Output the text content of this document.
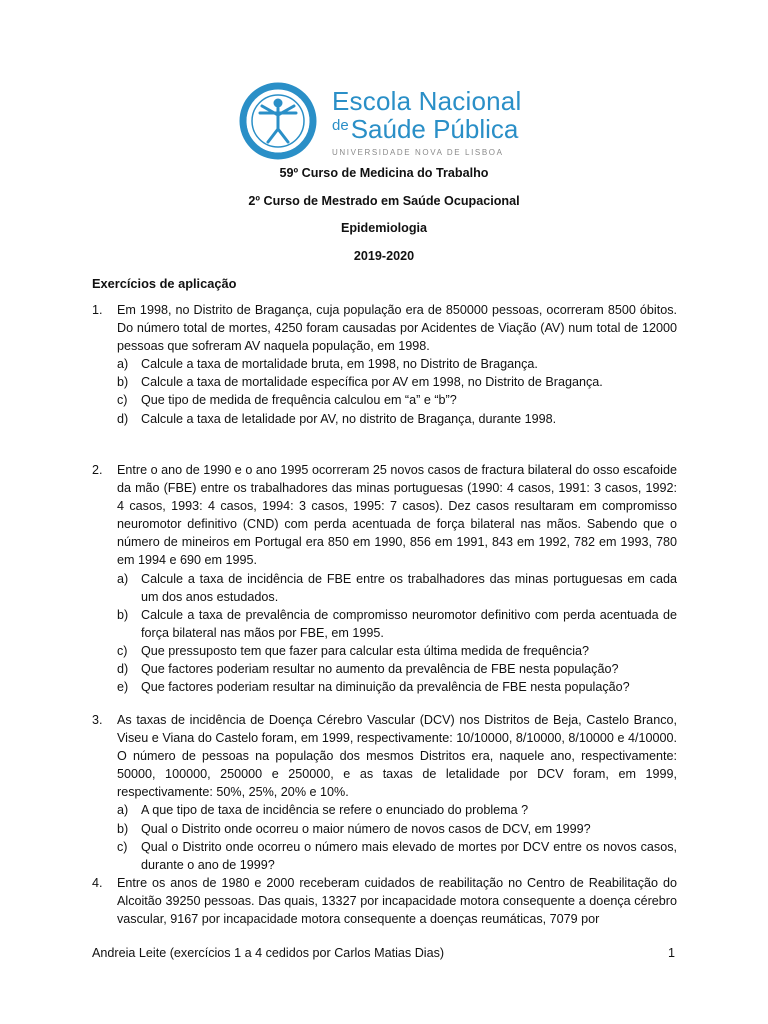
Escola Nacional
$^{de}$Saúde Pública
UNIVERSIDADE NOVA DE LISBOA
59º Curso de Medicina do Trabalho
2º Curso de Mestrado em Saúde Ocupacional
Epidemiologia
2019-2020
Exercícios de aplicação
1. Em 1998, no Distrito de Bragança, cuja população era de 850000 pessoas, ocorreram 8500 óbitos. Do número total de mortes, 4250 foram causadas por Acidentes de Viação (AV) num total de 12000 pessoas que sofreram AV naquela população, em 1998.
a) Calcule a taxa de mortalidade bruta, em 1998, no Distrito de Bragança.
b) Calcule a taxa de mortalidade específica por AV em 1998, no Distrito de Bragança.
c) Que tipo de medida de frequência calculou em “a” e “b”?
d) Calcule a taxa de letalidade por AV, no distrito de Bragança, durante 1998.
2. Entre o ano de 1990 e o ano 1995 ocorreram 25 novos casos de fractura bilateral do osso escafoide da mão (FBE) entre os trabalhadores das minas portuguesas (1990: 4 casos, 1991: 3 casos, 1992: 4 casos, 1993: 4 casos, 1994: 3 casos, 1995: 7 casos). Dez casos resultaram em compromisso neuromotor definitivo (CND) com perda acentuada de força bilateral nas mãos. Sabendo que o número de mineiros em Portugal era 850 em 1990, 856 em 1991, 843 em 1992, 782 em 1993, 780 em 1994 e 690 em 1995.
a) Calcule a taxa de incidência de FBE entre os trabalhadores das minas portuguesas em cada um dos anos estudados.
b) Calcule a taxa de prevalência de compromisso neuromotor definitivo com perda acentuada de força bilateral nas mãos por FBE, em 1995.
c) Que pressuposto tem que fazer para calcular esta última medida de frequência?
d) Que factores poderiam resultar no aumento da prevalência de FBE nesta população?
e) Que factores poderiam resultar na diminuição da prevalência de FBE nesta população?
3. As taxas de incidência de Doença Cérebro Vascular (DCV) nos Distritos de Beja, Castelo Branco, Viseu e Viana do Castelo foram, em 1999, respectivamente: 10/10000, 8/10000, 8/10000 e 4/10000. O número de pessoas na população dos mesmos Distritos era, naquele ano, respectivamente: 50000, 100000, 250000 e 250000, e as taxas de letalidade por DCV foram, em 1999, respectivamente: 50%, 25%, 20% e 10%.
a) A que tipo de taxa de incidência se refere o enunciado do problema ?
b) Qual o Distrito onde ocorreu o maior número de novos casos de DCV, em 1999?
c) Qual o Distrito onde ocorreu o número mais elevado de mortes por DCV entre os novos casos, durante o ano de 1999?
4. Entre os anos de 1980 e 2000 receberam cuidados de reabilitação no Centro de Reabilitação do Alcoitão 39250 pessoas. Das quais, 13327 por incapacidade motora consequente a doença cérebro vascular, 9167 por incapacidade motora consequente a doenças reumáticas, 7079 por
Andreia Leite (exercícios 1 a 4 cedidos por Carlos Matias Dias)	1
